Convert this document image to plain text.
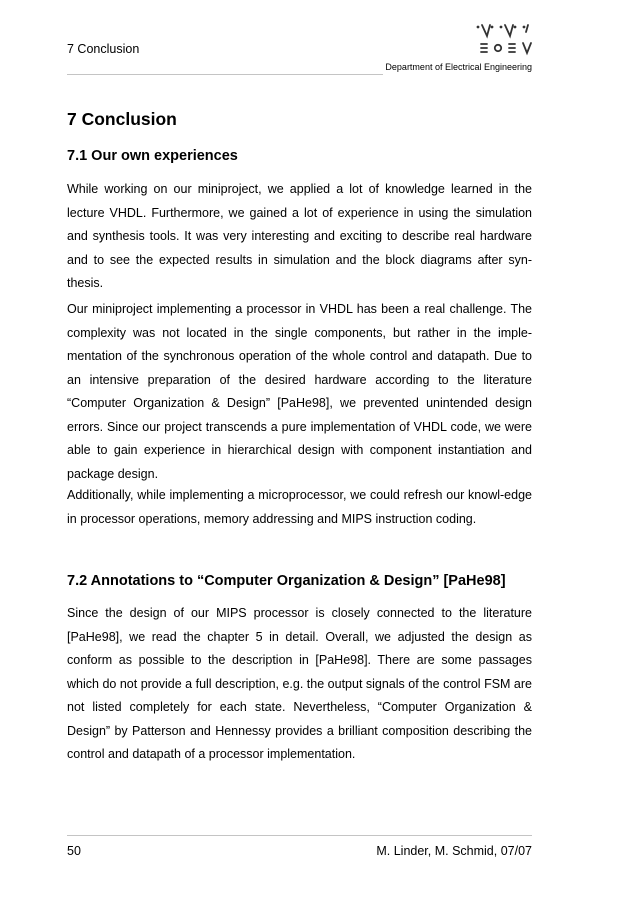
7 Conclusion
Department of Electrical Engineering
7 Conclusion
7.1 Our own experiences

While working on our miniproject, we applied a lot of knowledge learned in the lecture VHDL. Furthermore, we gained a lot of experience in using the simulation and synthesis tools. It was very interesting and exciting to describe real hardware and to see the expected results in simulation and the block diagrams after syn-thesis.

Our miniproject implementing a processor in VHDL has been a real challenge. The complexity was not located in the single components, but rather in the imple-mentation of the synchronous operation of the whole control and datapath. Due to an intensive preparation of the desired hardware according to the literature “Computer Organization & Design” [PaHe98], we prevented unintended design errors. Since our project transcends a pure implementation of VHDL code, we were able to gain experience in hierarchical design with component instantiation and package design.

Additionally, while implementing a microprocessor, we could refresh our knowl-edge in processor operations, memory addressing and MIPS instruction coding.

7.2 Annotations to “Computer Organization & Design” [PaHe98]

Since the design of our MIPS processor is closely connected to the literature [PaHe98], we read the chapter 5 in detail. Overall, we adjusted the design as conform as possible to the description in [PaHe98]. There are some passages which do not provide a full description, e.g. the output signals of the control FSM are not listed completely for each state. Nevertheless, “Computer Organization & Design” by Patterson and Hennessy provides a brilliant composition describing the control and datapath of a processor implementation.

50	M. Linder, M. Schmid, 07/07
